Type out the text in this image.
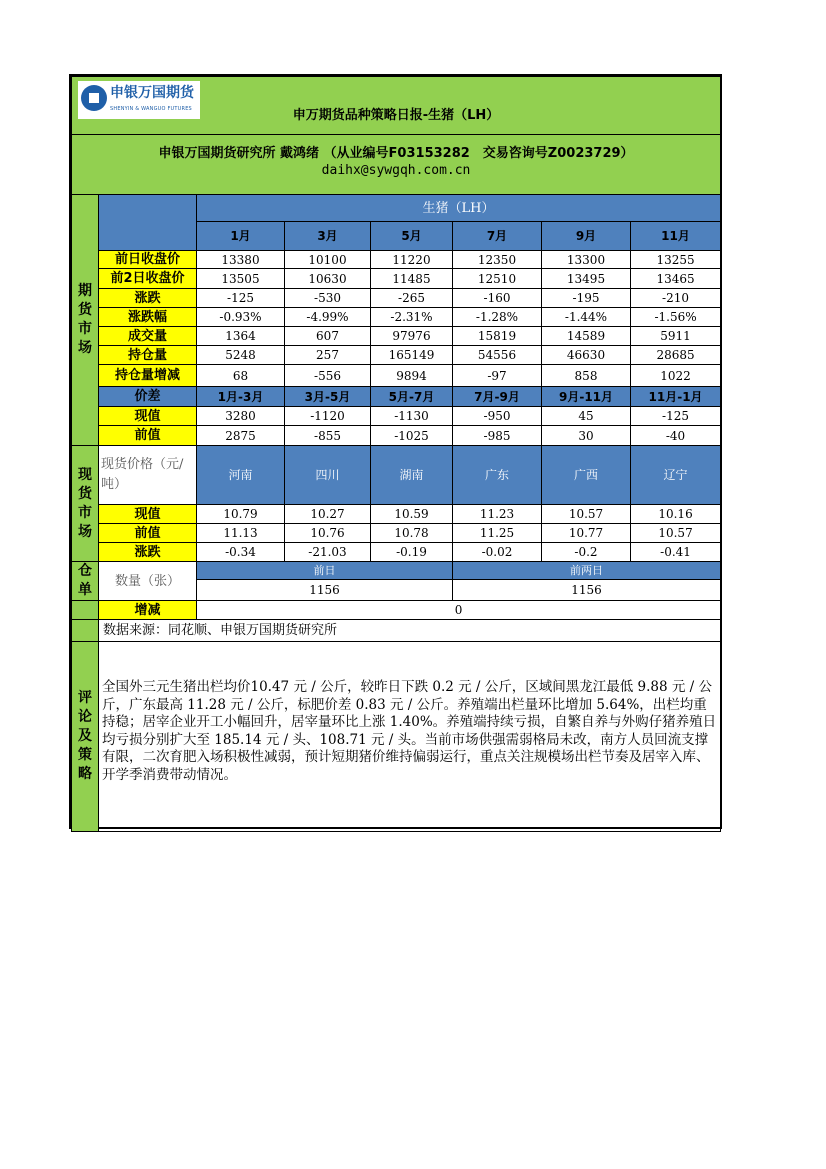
申银万国期货
SHENYIN & WANGUO FUTURES 申万期货品种策略日报-生猪（LH）							

申银万国期货研究所 戴鸿绪 （从业编号F03153282　交易咨询号Z0023729）
daihx@sywgqh.com.cn							

期货市场		生猪（LH）					
		1月	3月	5月	7月	9月	11月
	前日收盘价	13380	10100	11220	12350	13300	13255
	前2日收盘价	13505	10630	11485	12510	13495	13465
	涨跌	-125	-530	-265	-160	-195	-210
	涨跌幅	-0.93%	-4.99%	-2.31%	-1.28%	-1.44%	-1.56%
	成交量	1364	607	97976	15819	14589	5911
	持仓量	5248	257	165149	54556	46630	28685
	持仓量增减	68	-556	9894	-97	858	1022
	价差	1月-3月	3月-5月	5月-7月	7月-9月	9月-11月	11月-1月
	现值	3280	-1120	-1130	-950	45	-125
	前值	2875	-855	-1025	-985	30	-40
现货市场	现货价格（元/吨）	河南	四川	湖南	广东	广西	辽宁
	现值	10.79	10.27	10.59	11.23	10.57	10.16
	前值	11.13	10.76	10.78	11.25	10.77	10.57
	涨跌	-0.34	-21.03	-0.19	-0.02	-0.2	-0.41
仓单	数量（张）	前日			前两日		
		1156			1156		
	增减	0					
	数据来源：同花顺、申银万国期货研究所						
评论及策略	全国外三元生猪出栏均价10.47 元 / 公斤，较昨日下跌 0.2 元 / 公斤，区域间黑龙江最低 9.88 元 / 公斤，广东最高 11.28 元 / 公斤，标肥价差 0.83 元 / 公斤。养殖端出栏量环比增加 5.64%，出栏均重持稳；居宰企业开工小幅回升，居宰量环比上涨 1.40%。养殖端持续亏损，自繁自养与外购仔猪养殖日均亏损分别扩大至 185.14 元 / 头、108.71 元 / 头。当前市场供强需弱格局未改，南方人员回流支撑有限，二次育肥入场积极性减弱，预计短期猪价维持偏弱运行，重点关注规模场出栏节奏及居宰入库、开学季消费带动情况。						
